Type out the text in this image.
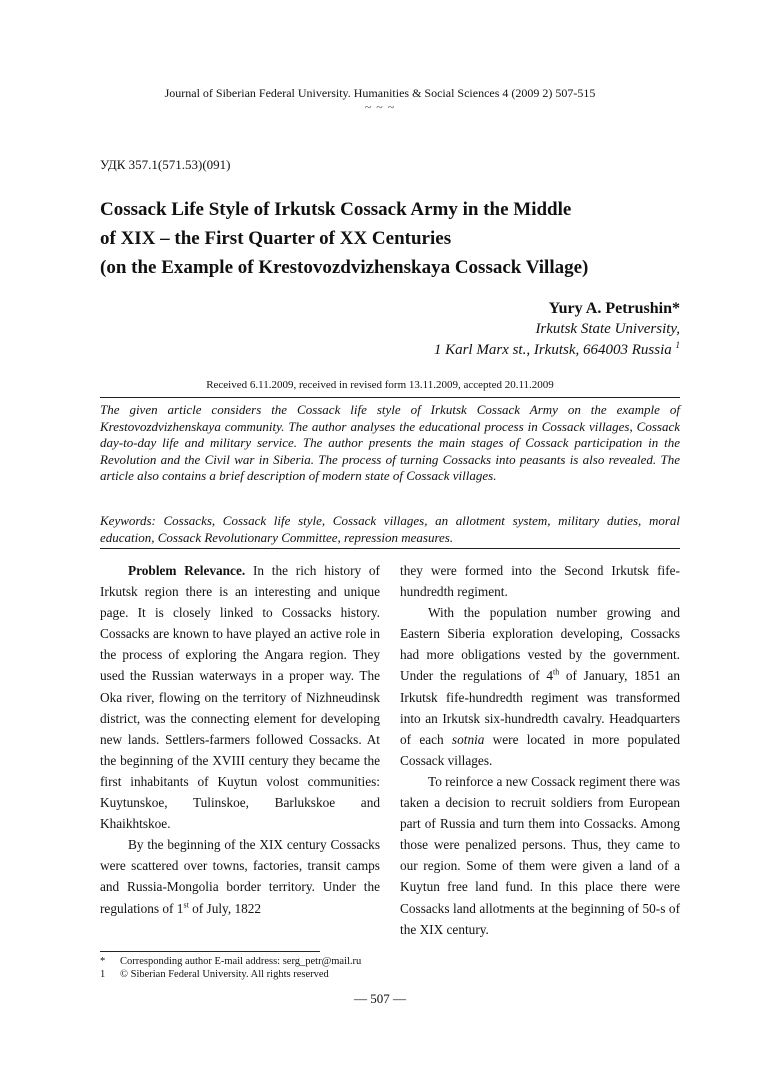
Journal of Siberian Federal University. Humanities & Social Sciences 4 (2009 2) 507-515
~ ~ ~
УДК 357.1(571.53)(091)
Cossack Life Style of Irkutsk Cossack Army in the Middle
of XIX – the First Quarter of XX Centuries
(on the Example of Krestovozdvizhenskaya Cossack Village)
Yury A. Petrushin*
Irkutsk State University,
1 Karl Marx st., Irkutsk, 664003 Russia $^1$
Received 6.11.2009, received in revised form 13.11.2009, accepted 20.11.2009

The given article considers the Cossack life style of Irkutsk Cossack Army on the example of Krestovozdvizhenskaya community. The author analyses the educational process in Cossack villages, Cossack day-to-day life and military service. The author presents the main stages of Cossack participation in the Revolution and the Civil war in Siberia. The process of turning Cossacks into peasants is also revealed. The article also contains a brief description of modern state of Cossack villages.

Keywords: Cossacks, Cossack life style, Cossack villages, an allotment system, military duties, moral education, Cossack Revolutionary Committee, repression measures.

Problem Relevance. In the rich history of Irkutsk region there is an interesting and unique page. It is closely linked to Cossacks history. Cossacks are known to have played an active role in the process of exploring the Angara region. They used the Russian waterways in a proper way. The Oka river, flowing on the territory of Nizhneudinsk district, was the connecting element for developing new lands. Settlers-farmers followed Cossacks. At the beginning of the XVIII century they became the first inhabitants of Kuytun volost communities: Kuytunskoe, Tulinskoe, Barlukskoe and Khaikhtskoe.

By the beginning of the XIX century Cossacks were scattered over towns, factories, transit camps and Russia-Mongolia border territory. Under the regulations of 1st of July, 1822

they were formed into the Second Irkutsk fife-hundredth regiment.

With the population number growing and Eastern Siberia exploration developing, Cossacks had more obligations vested by the government. Under the regulations of 4th of January, 1851 an Irkutsk fife-hundredth regiment was transformed into an Irkutsk six-hundredth cavalry. Headquarters of each sotnia were located in more populated Cossack villages.

To reinforce a new Cossack regiment there was taken a decision to recruit soldiers from European part of Russia and turn them into Cossacks. Among those were penalized persons. Thus, they came to our region. Some of them were given a land of a Kuytun free land fund. In this place there were Cossacks land allotments at the beginning of 50-s of the XIX century.

* Corresponding author E-mail address: serg_petr@mail.ru
1 © Siberian Federal University. All rights reserved
— 507 —
